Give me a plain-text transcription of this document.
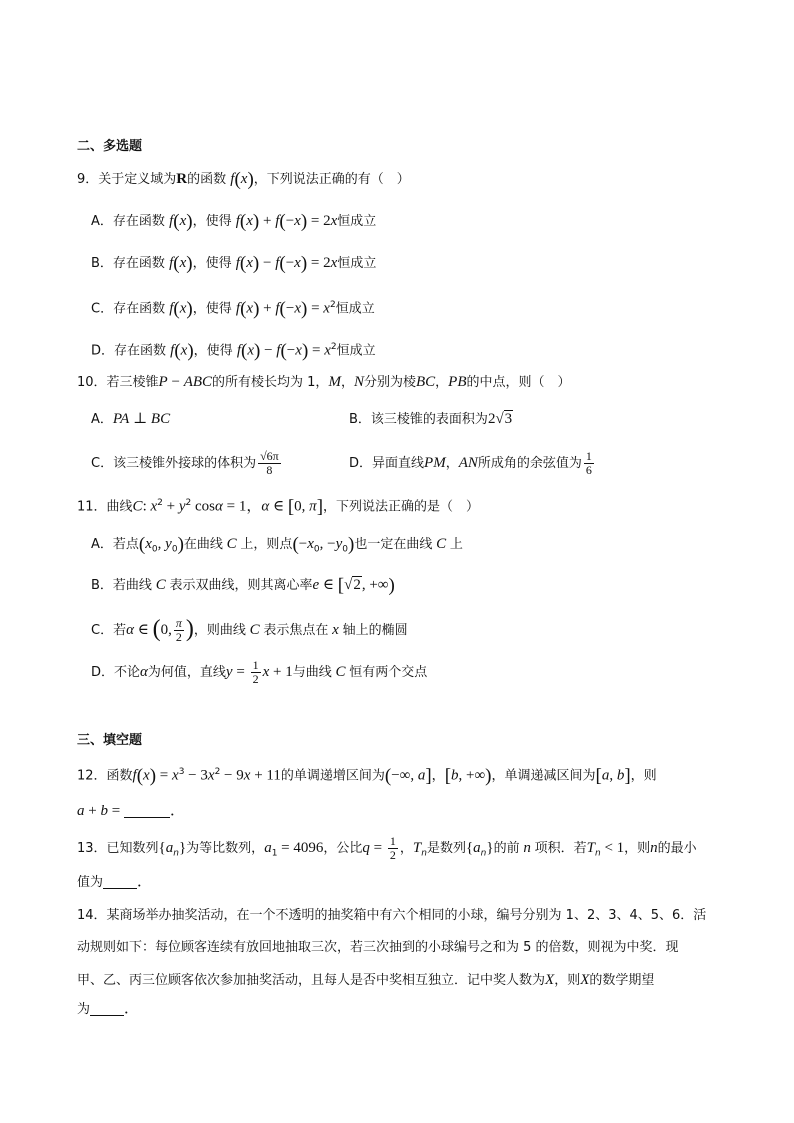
二、多选题
9．关于定义域为R的函数 f(x)，下列说法正确的有（　）
A．存在函数 f(x)，使得 f(x) + f(−x) = 2x恒成立
B．存在函数 f(x)，使得 f(x) − f(−x) = 2x恒成立
C．存在函数 f(x)，使得 $f(x) + f(-x) = x^2$恒成立
D．存在函数 f(x)，使得 $f(x) - f(-x) = x^2$恒成立
10．若三棱锥P − ABC的所有棱长均为 1，M，N分别为棱BC，PB的中点，则（　）
A．PA ⊥ BC	B．该三棱锥的表面积为2√3
C．该三棱锥外接球的体积为 $\frac{√6\pi}{8}$	D．异面直线PM，AN所成角的余弦值为 $\frac{1}{6}$
11．曲线C: $x^2 + y^2$ cosα = 1，α ∈ [0, π]，下列说法正确的是（　）
A．若点($x_0$, $y_0$)在曲线 C 上，则点($-x_0$, $-y_0$)也一定在曲线 C 上
B．若曲线 C 表示双曲线，则其离心率e ∈ [√2, +∞)
C．若α ∈ (0, $\frac{\pi}{2}$ )，则曲线 C 表示焦点在 x 轴上的椭圆
D．不论α为何值，直线$y = \frac{1}{2}$ x + 1与曲线 C 恒有两个交点
三、填空题
12．函数$f(x) = x^3 - 3x^2 - 9x + 11$的单调递增区间为(−∞, a]，[b, +∞)，单调递减区间为[a, b]，则
a + b =	．
13．已知数列$\{a_n\}$为等比数列，$a_1 = 4096$，公比$q = \frac{1}{2}$ ，$T_n$是数列$\{a_n\}$的前 n 项积．若$T_n < 1$，则n的最小
值为 ．
14．某商场举办抽奖活动，在一个不透明的抽奖箱中有六个相同的小球，编号分别为 1、2、3、4、5、6．活
动规则如下：每位顾客连续有放回地抽取三次，若三次抽到的小球编号之和为 5 的倍数，则视为中奖．现
甲、乙、丙三位顾客依次参加抽奖活动，且每人是否中奖相互独立．记中奖人数为X，则X的数学期望
为 ．
